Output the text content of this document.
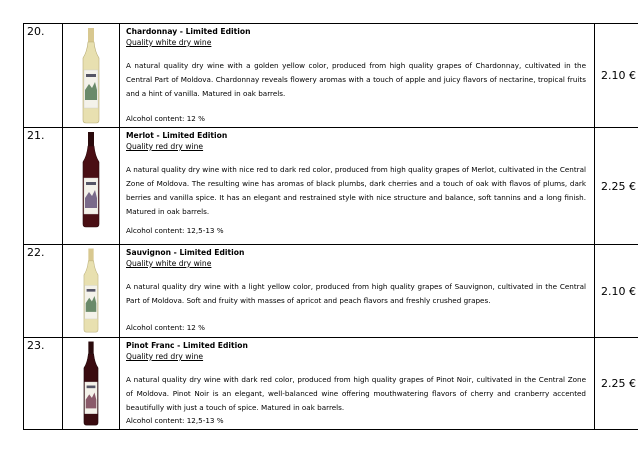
20.		Chardonnay - Limited Edition

Quality white dry wine

A natural quality dry wine with a golden yellow color, produced from high quality grapes of Chardonnay, cultivated in the Central Part of Moldova. Chardonnay reveals flowery aromas with a touch of apple and juicy flavors of nectarine, tropical fruits and a hint of vanilla. Matured in oak barrels.

Alcohol content: 12 %	2.10 €
21.		Merlot - Limited Edition

Quality red dry wine

A natural quality dry wine with nice red to dark red color, produced from high quality grapes of Merlot, cultivated in the Central Zone of Moldova. The resulting wine has aromas of black plumbs, dark cherries and a touch of oak with flavos of plums, dark berries and vanilla spice. It has an elegant and restrained style with nice structure and balance, soft tannins and a long finish. Matured in oak barrels.

Alcohol content: 12,5-13 %	2.25 €
22.		Sauvignon - Limited Edition

Quality white dry wine

A natural quality dry wine with a light yellow color, produced from high quality grapes of Sauvignon, cultivated in the Central Part of Moldova. Soft and fruity with masses of apricot and peach flavors and freshly crushed grapes.

Alcohol content: 12 %	2.10 €
23.		Pinot Franc - Limited Edition

Quality red dry wine

A natural quality dry wine with dark red color, produced from high quality grapes of Pinot Noir, cultivated in the Central Zone of Moldova. Pinot Noir is an elegant, well-balanced wine offering mouthwatering flavors of cherry and cranberry accented beautifully with just a touch of spice. Matured in oak barrels.

Alcohol content: 12,5-13 %	2.25 €
